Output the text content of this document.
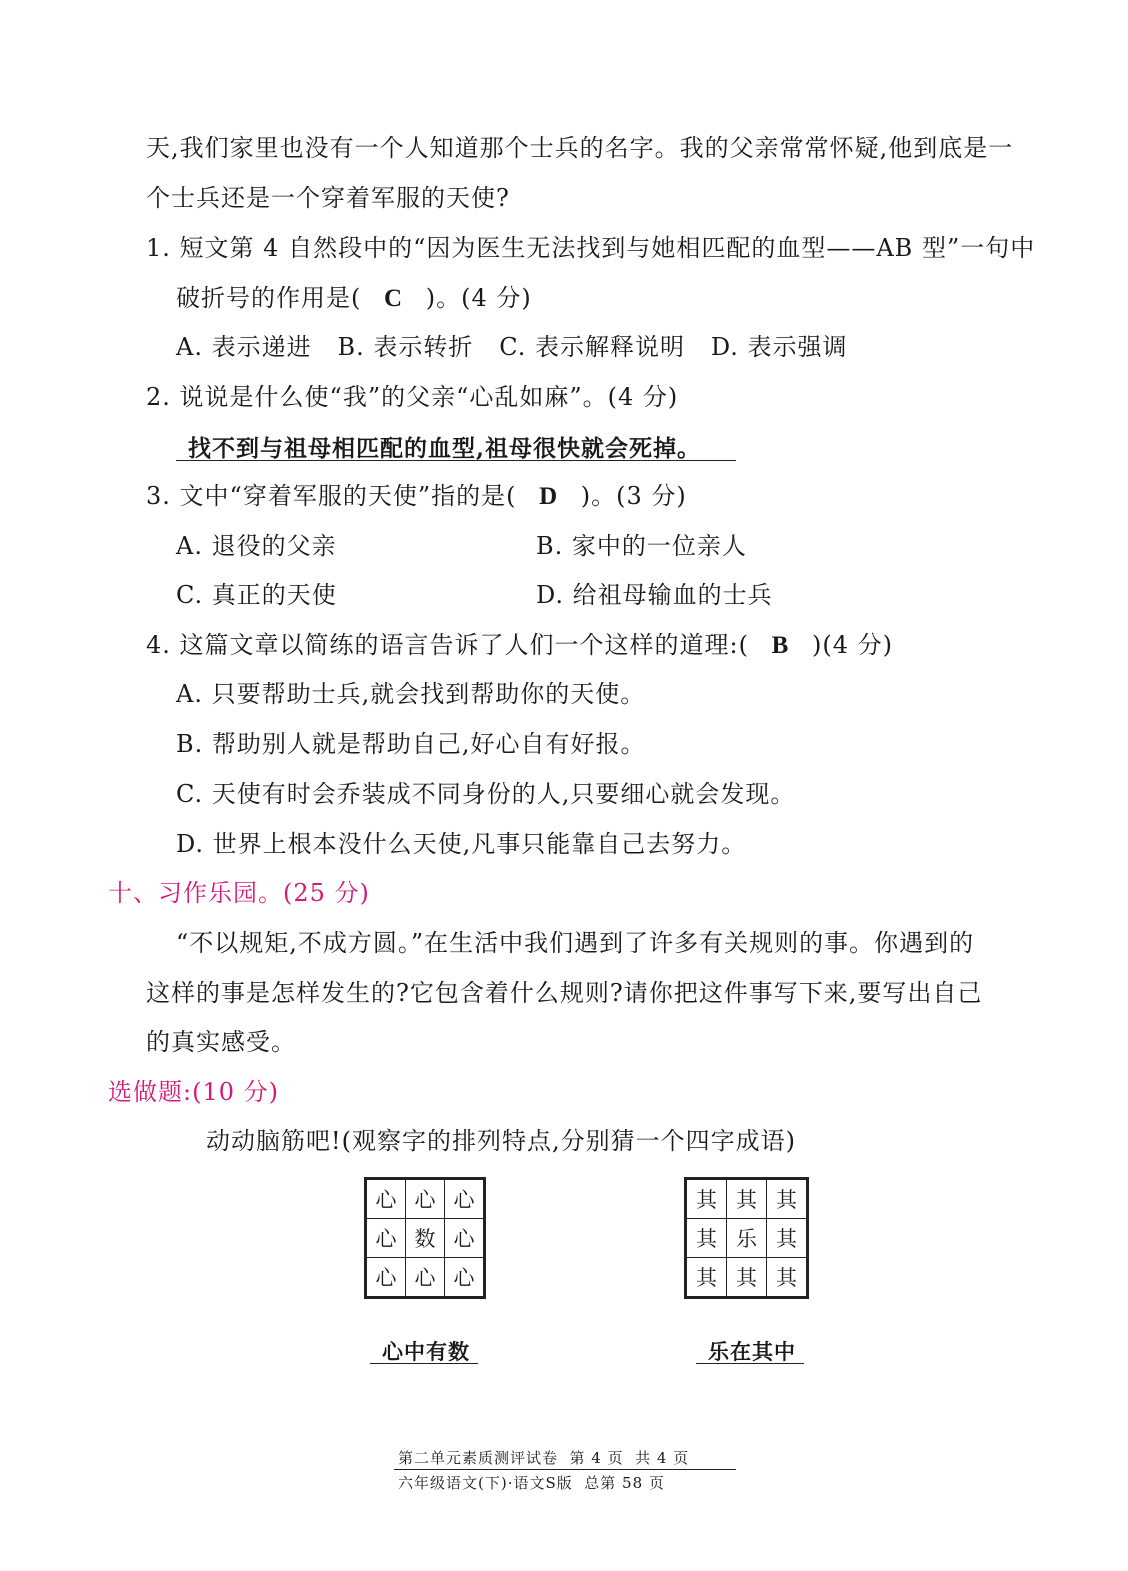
天,我们家里也没有一个人知道那个士兵的名字。我的父亲常常怀疑,他到底是一
个士兵还是一个穿着军服的天使?
1. 短文第 4 自然段中的“因为医生无法找到与她相匹配的血型——AB 型”一句中
破折号的作用是( C )。(4 分)
A. 表示递进   B. 表示转折   C. 表示解释说明   D. 表示强调
2. 说说是什么使“我”的父亲“心乱如麻”。(4 分)
找不到与祖母相匹配的血型,祖母很快就会死掉。
3. 文中“穿着军服的天使”指的是( D )。(3 分)
A. 退役的父亲	B. 家中的一位亲人
C. 真正的天使	D. 给祖母输血的士兵
4. 这篇文章以简练的语言告诉了人们一个这样的道理:( B )(4 分)
A. 只要帮助士兵,就会找到帮助你的天使。
B. 帮助别人就是帮助自己,好心自有好报。
C. 天使有时会乔装成不同身份的人,只要细心就会发现。
D. 世界上根本没什么天使,凡事只能靠自己去努力。
十、习作乐园。(25 分)
“不以规矩,不成方圆。”在生活中我们遇到了许多有关规则的事。你遇到的
这样的事是怎样发生的?它包含着什么规则?请你把这件事写下来,要写出自己
的真实感受。
选做题:(10 分)
动动脑筋吧!(观察字的排列特点,分别猜一个四字成语)
心	心	心
心	数	心
心	心	心
其	其	其
其	乐	其
其	其	其
心中有数	乐在其中
第二单元素质测评试卷  第 4 页  共 4 页
六年级语文(下)·语文S版  总第 58 页
